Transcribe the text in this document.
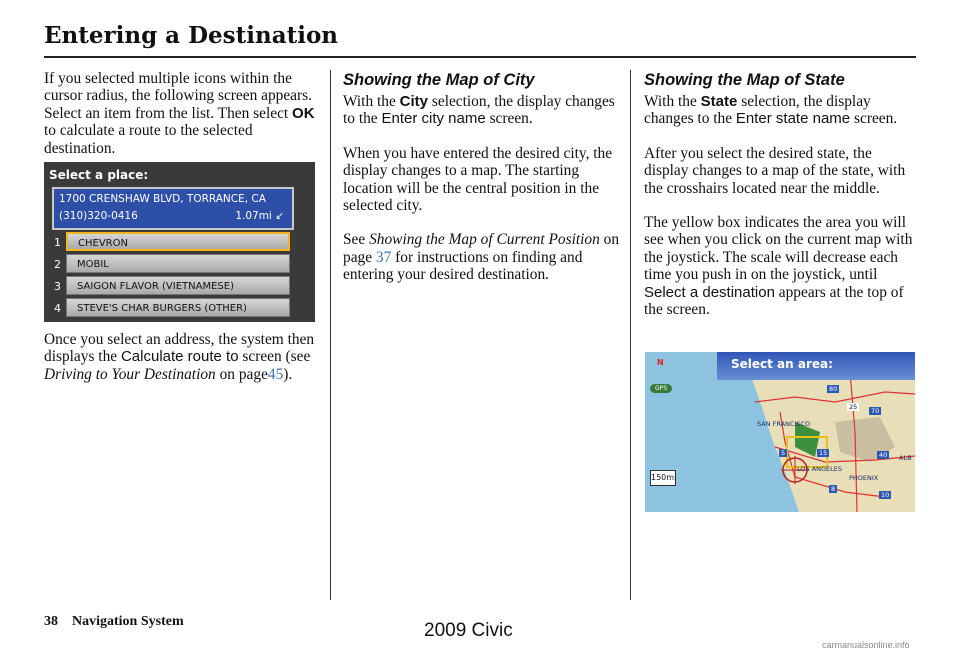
Entering a Destination

If you selected multiple icons within the cursor radius, the following screen appears. Select an item from the list. Then select OK to calculate a route to the selected destination.

Select a place:
1700 CRENSHAW BLVD, TORRANCE, CA
(310)320-0416	1.07mi ↙
1	CHEVRON
2	MOBIL
3	SAIGON FLAVOR (VIETNAMESE)
4	STEVE'S CHAR BURGERS (OTHER)

Once you select an address, the system then displays the Calculate route to screen (see Driving to Your Destination on page45).

Showing the Map of City

With the City selection, the display changes to the Enter city name screen.

When you have entered the desired city, the display changes to a map. The starting location will be the central position in the selected city.

See Showing the Map of Current Position on page 37 for instructions on finding and entering your desired destination.

Showing the Map of State

With the State selection, the display changes to the Enter state name screen.

After you select the desired state, the display changes to a map of the state, with the crosshairs located near the middle.

The yellow box indicates the area you will see when you click on the current map with the joystick. The scale will decrease each time you push in on the joystick, until Select a destination appears at the top of the screen.

Select an area:
N
GPS
150mi
SAN FRANCISCO
LOS ANGELES
PHOENIX
ALB
80
25	70
5	15	40
8
10
38 Navigation System	2009 Civic
carmanualsonline.info
